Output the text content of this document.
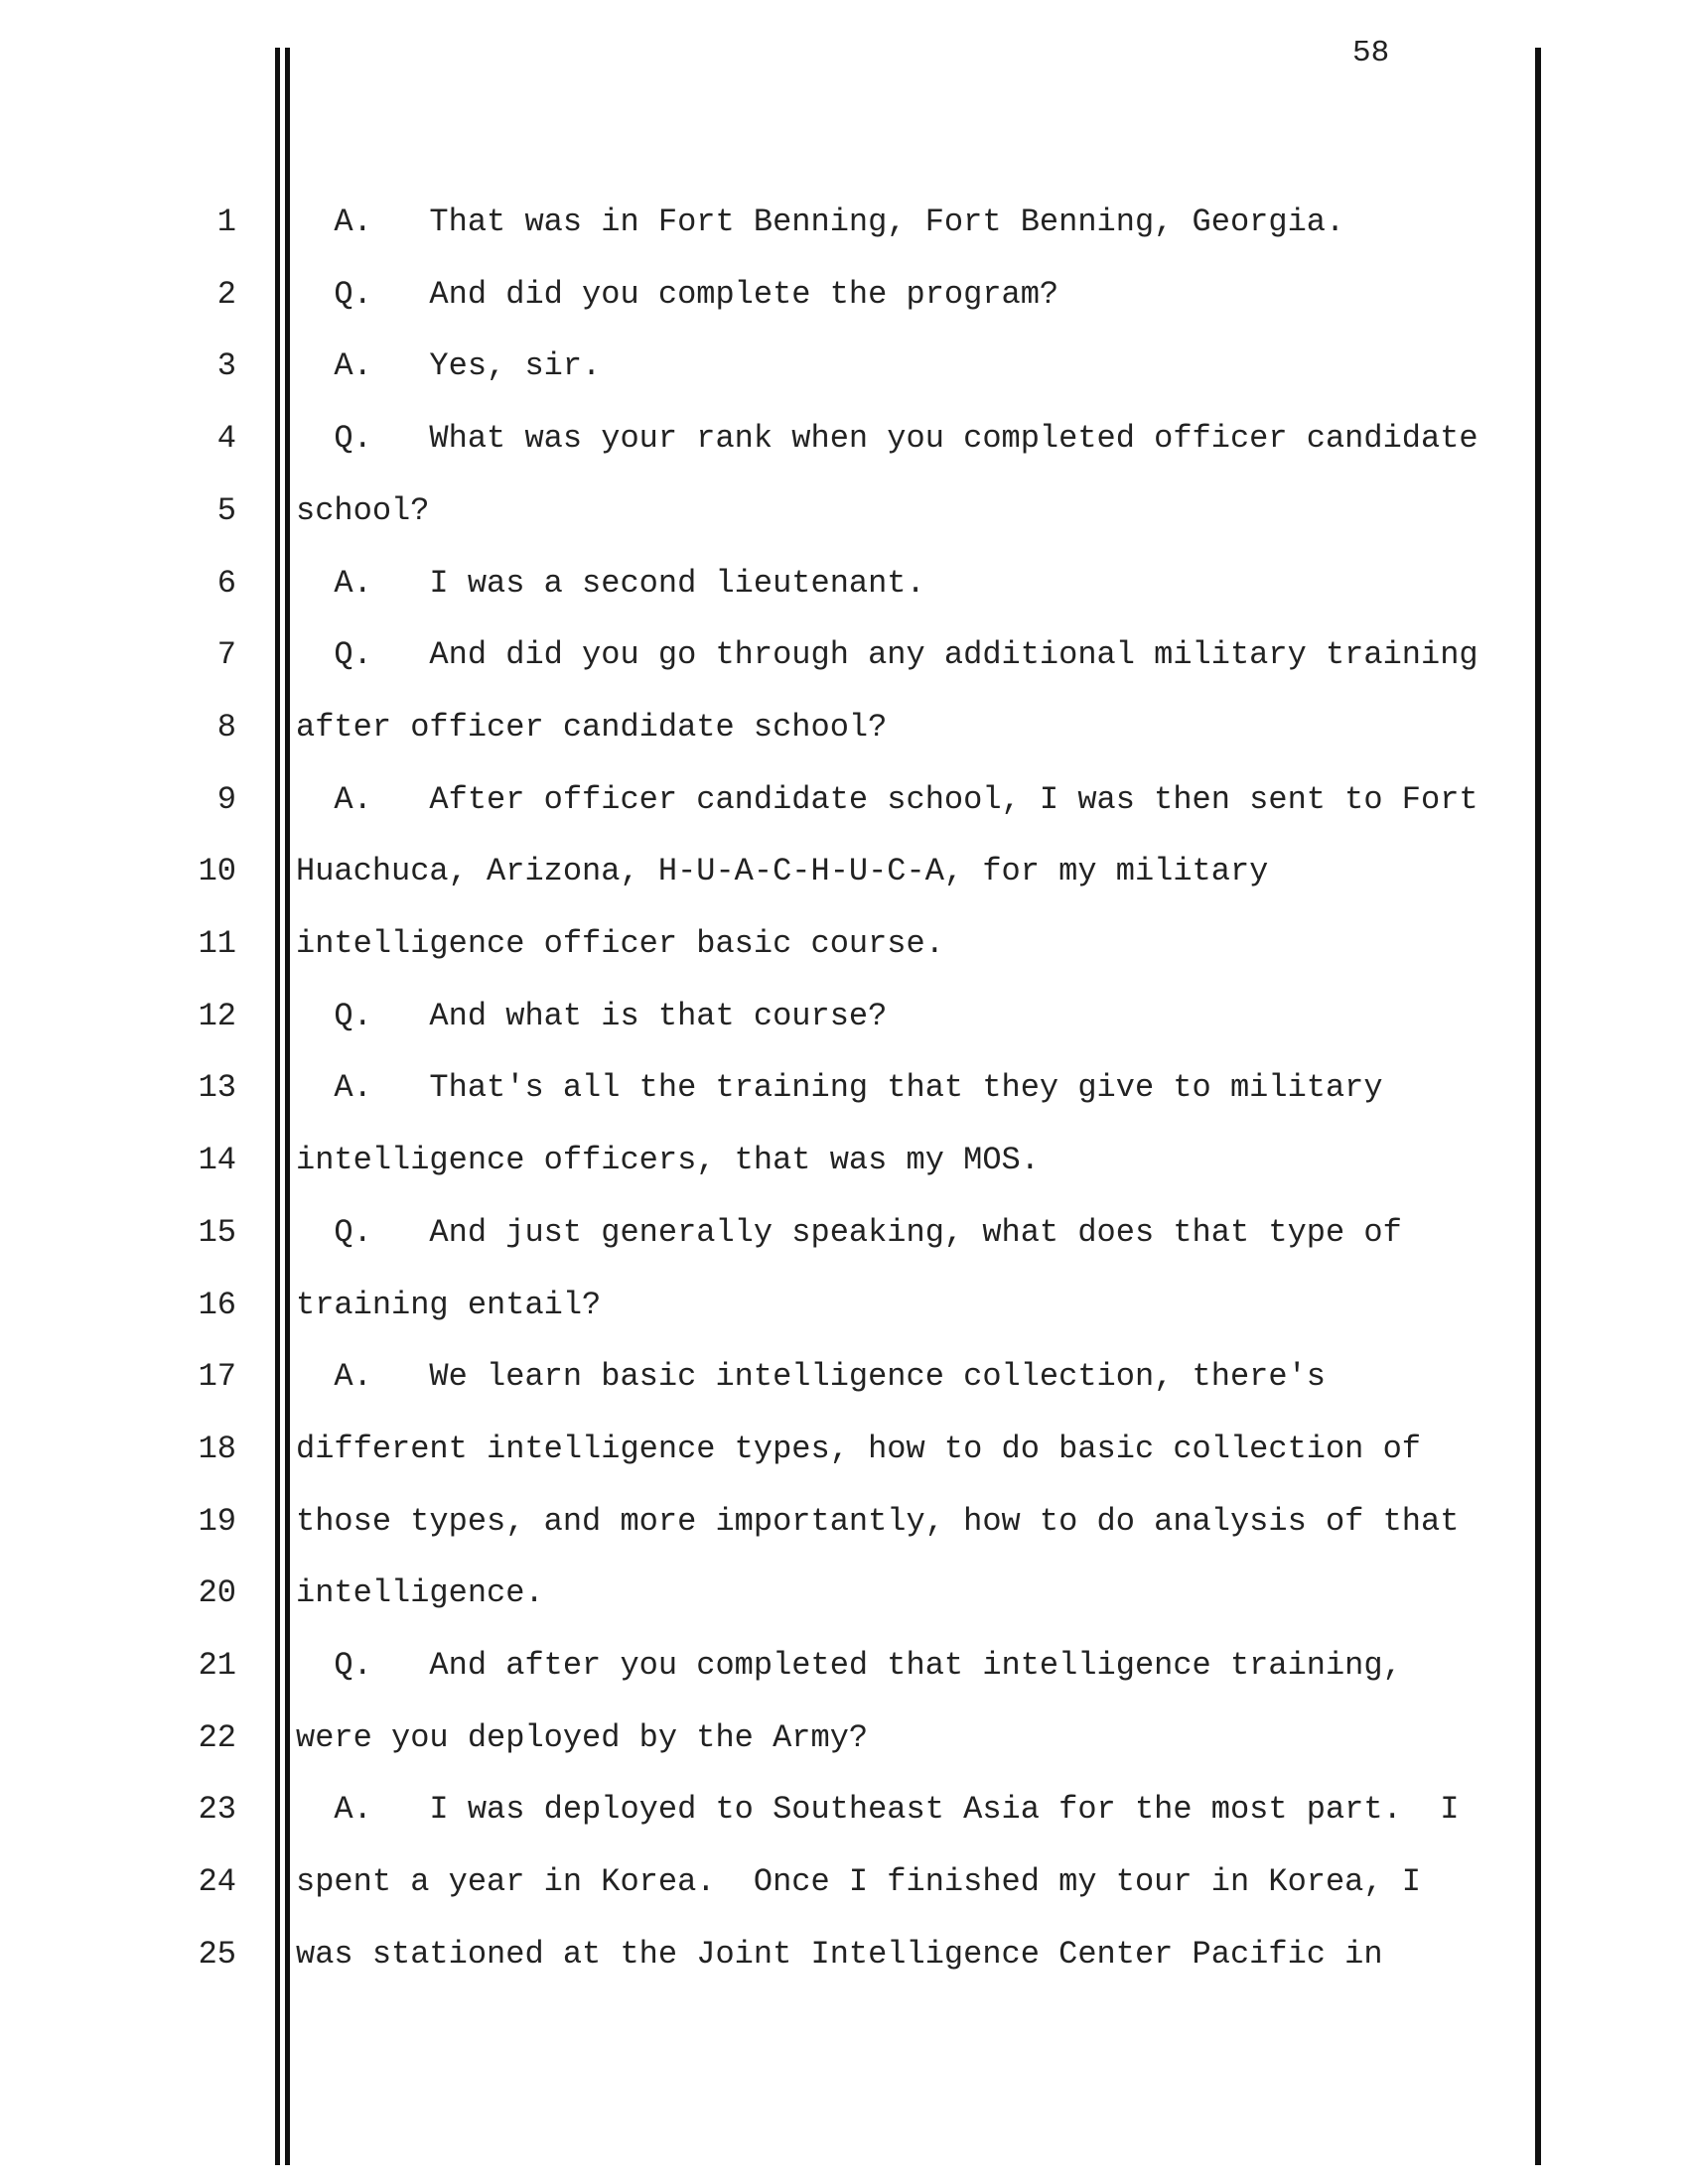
58
1 A.   That was in Fort Benning, Fort Benning, Georgia.
2 Q.   And did you complete the program?
3 A.   Yes, sir.
4 Q.   What was your rank when you completed officer candidate
5 school?
6 A.   I was a second lieutenant.
7 Q.   And did you go through any additional military training
8 after officer candidate school?
9 A.   After officer candidate school, I was then sent to Fort
10 Huachuca, Arizona, H-U-A-C-H-U-C-A, for my military
11 intelligence officer basic course.
12 Q.   And what is that course?
13 A.   That's all the training that they give to military
14 intelligence officers, that was my MOS.
15 Q.   And just generally speaking, what does that type of
16 training entail?
17 A.   We learn basic intelligence collection, there's
18 different intelligence types, how to do basic collection of
19 those types, and more importantly, how to do analysis of that
20 intelligence.
21 Q.   And after you completed that intelligence training,
22 were you deployed by the Army?
23 A.   I was deployed to Southeast Asia for the most part.  I
24 spent a year in Korea.  Once I finished my tour in Korea, I
25 was stationed at the Joint Intelligence Center Pacific in
